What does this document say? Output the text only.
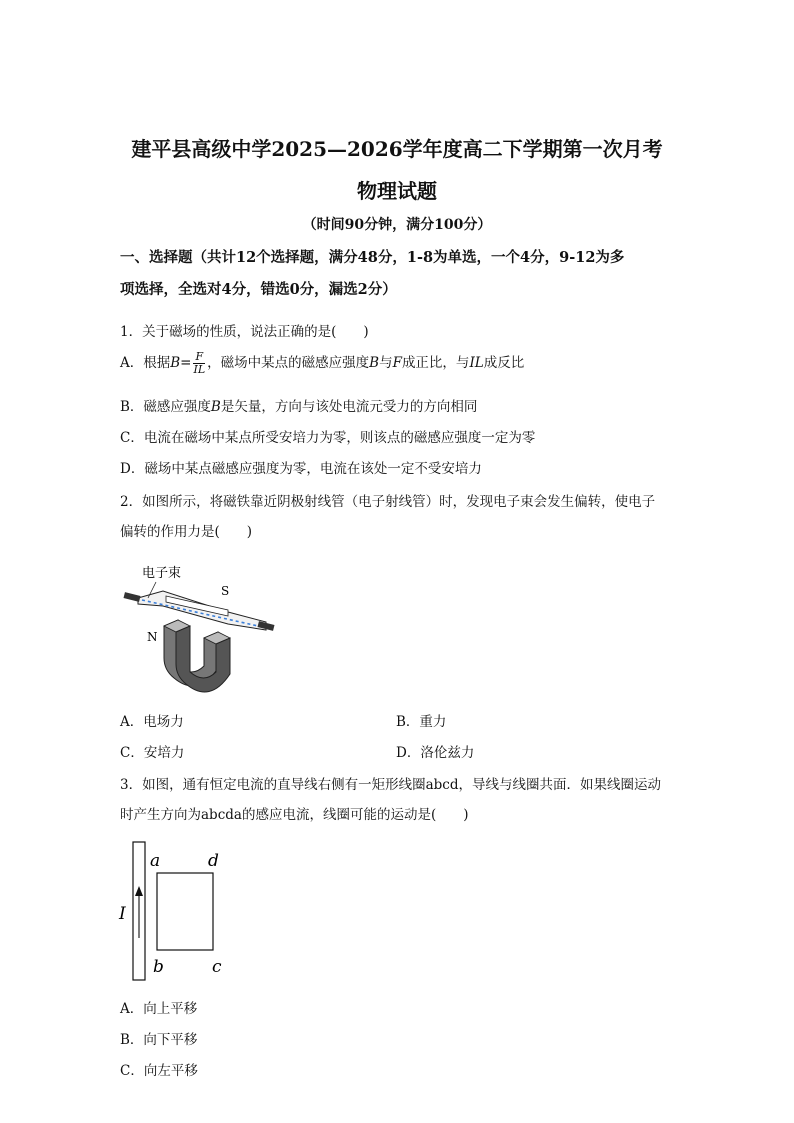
建平县高级中学2025—2026学年度高二下学期第一次月考
物理试题
（时间90分钟，满分100分）
一、选择题（共计12个选择题，满分48分，1-8为单选，一个4分，9-12为多
项选择，全选对4分，错选0分，漏选2分）
1．关于磁场的性质，说法正确的是(　　)
A．根据$B= \frac{F}{IL}$ ，磁场中某点的磁感应强度B与F成正比，与IL成反比
B．磁感应强度B是矢量，方向与该处电流元受力的方向相同
C．电流在磁场中某点所受安培力为零，则该点的磁感应强度一定为零
D．磁场中某点磁感应强度为零，电流在该处一定不受安培力
2．如图所示，将磁铁靠近阴极射线管（电子射线管）时，发现电子束会发生偏转，使电子
偏转的作用力是(　　)
电子束
S
N
A．电场力	B．重力
C．安培力	D．洛伦兹力
3．如图，通有恒定电流的直导线右侧有一矩形线圈abcd，导线与线圈共面．如果线圈运动
时产生方向为abcda的感应电流，线圈可能的运动是(　　)
I
a	d
b	c
A．向上平移
B．向下平移
C．向左平移
